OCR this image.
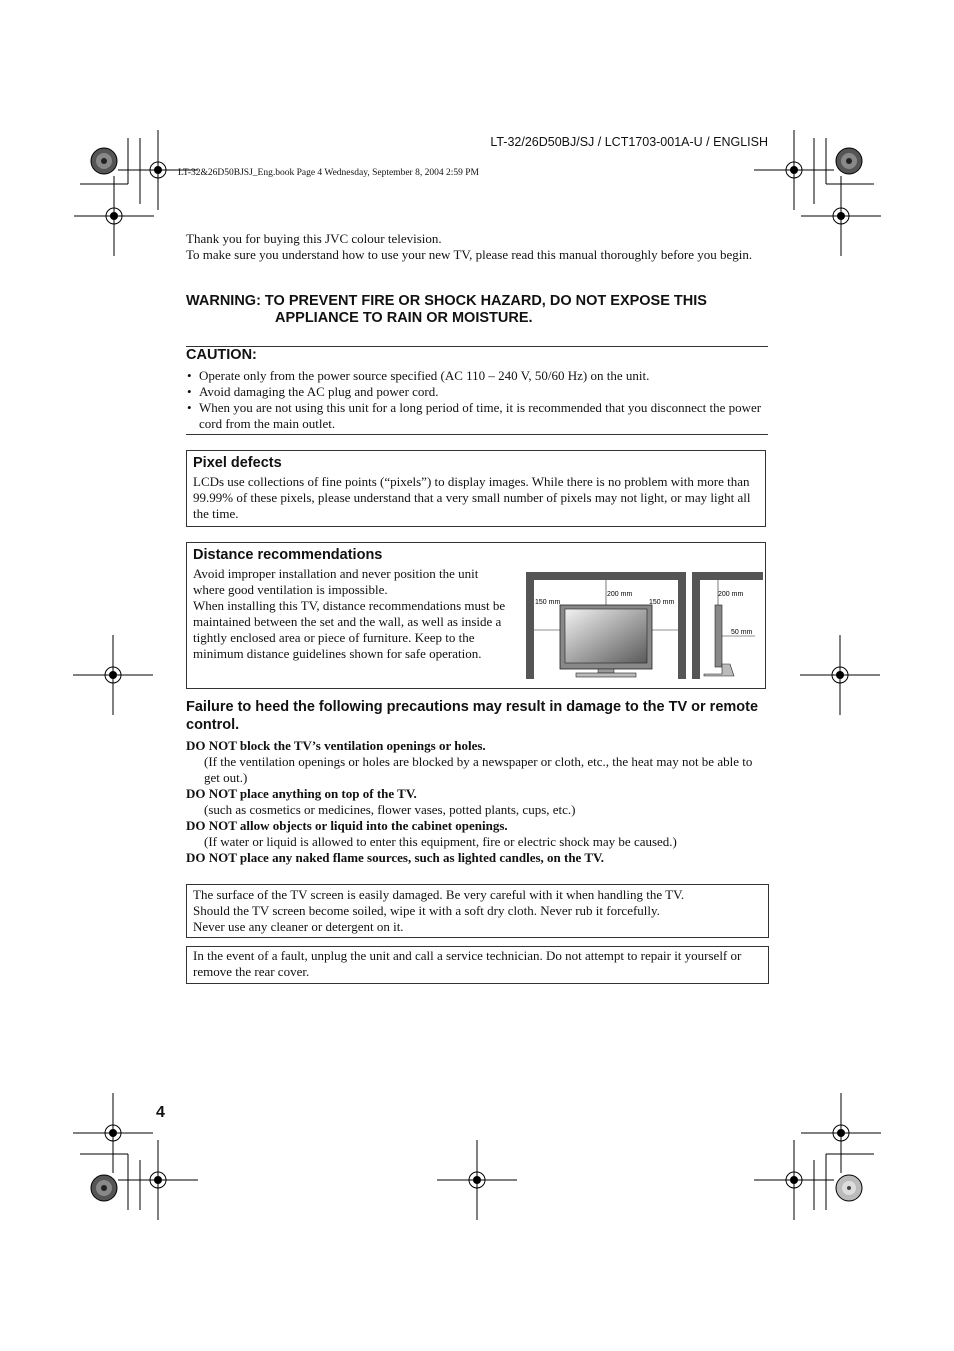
LT-32/26D50BJ/SJ / LCT1703-001A-U / ENGLISH
LT-32&26D50BJSJ_Eng.book Page 4 Wednesday, September 8, 2004 2:59 PM
Thank you for buying this JVC colour television.
To make sure you understand how to use your new TV, please read this manual thoroughly before you begin.
WARNING: TO PREVENT FIRE OR SHOCK HAZARD, DO NOT EXPOSE THIS
APPLIANCE TO RAIN OR MOISTURE.
CAUTION:
• Operate only from the power source specified (AC 110 – 240 V, 50/60 Hz) on the unit.
• Avoid damaging the AC plug and power cord.
• When you are not using this unit for a long period of time, it is recommended that you disconnect the power cord from the main outlet.
Pixel defects
LCDs use collections of fine points (“pixels”) to display images. While there is no problem with more than 99.99% of these pixels, please understand that a very small number of pixels may not light, or may light all the time.
Distance recommendations
Avoid improper installation and never position the unit where good ventilation is impossible.
When installing this TV, distance recommendations must be maintained between the set and the wall, as well as inside a tightly enclosed area or piece of furniture. Keep to the minimum distance guidelines shown for safe operation.
150 mm
200 mm
150 mm
200 mm
50 mm
Failure to heed the following precautions may result in damage to the TV or remote control.
DO NOT block the TV’s ventilation openings or holes.
(If the ventilation openings or holes are blocked by a newspaper or cloth, etc., the heat may not be able to get out.)
DO NOT place anything on top of the TV.
(such as cosmetics or medicines, flower vases, potted plants, cups, etc.)
DO NOT allow objects or liquid into the cabinet openings.
(If water or liquid is allowed to enter this equipment, fire or electric shock may be caused.)
DO NOT place any naked flame sources, such as lighted candles, on the TV.
The surface of the TV screen is easily damaged. Be very careful with it when handling the TV.
Should the TV screen become soiled, wipe it with a soft dry cloth. Never rub it forcefully.
Never use any cleaner or detergent on it.
In the event of a fault, unplug the unit and call a service technician. Do not attempt to repair it yourself or remove the rear cover.
4
